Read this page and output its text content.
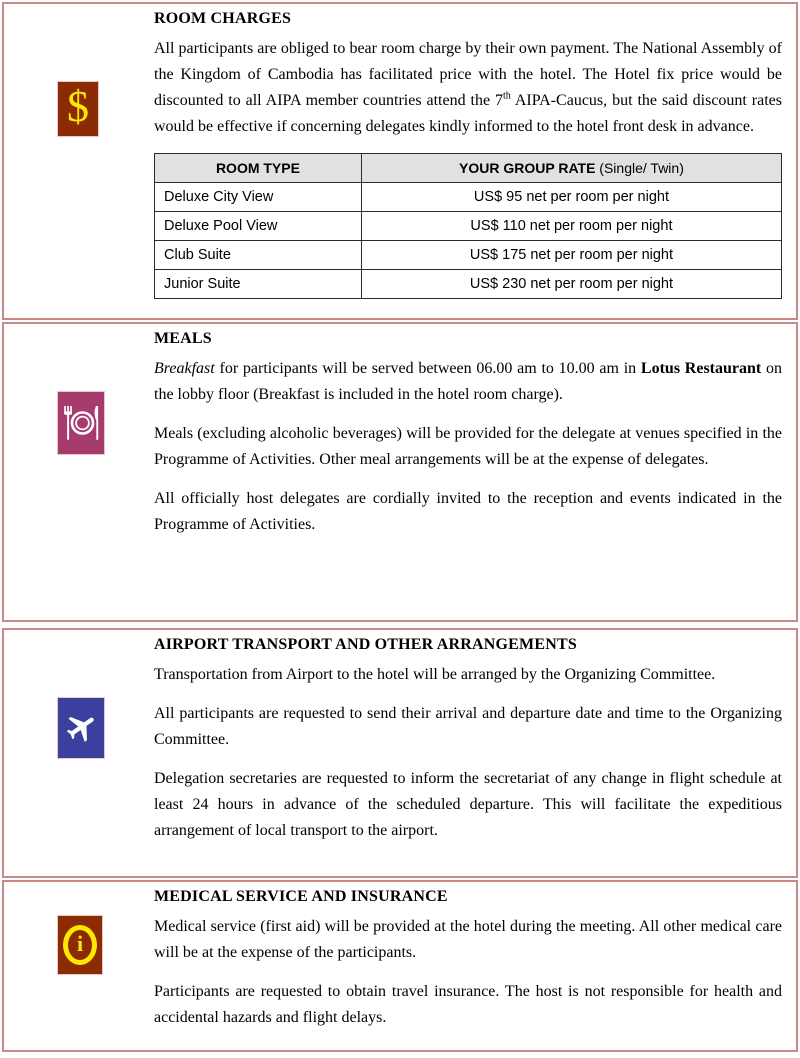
$
ROOM CHARGES

All participants are obliged to bear room charge by their own payment. The National Assembly of the Kingdom of Cambodia has facilitated price with the hotel. The Hotel fix price would be discounted to all AIPA member countries attend the 7th AIPA-Caucus, but the said discount rates would be effective if concerning delegates kindly informed to the hotel front desk in advance.

ROOM TYPE	YOUR GROUP RATE (Single/ Twin)
Deluxe City View	US$ 95 net per room per night
Deluxe Pool View	US$ 110 net per room per night
Club Suite	US$ 175 net per room per night
Junior Suite	US$ 230 net per room per night
MEALS

Breakfast for participants will be served between 06.00 am to 10.00 am in Lotus Restaurant on the lobby floor (Breakfast is included in the hotel room charge).

Meals (excluding alcoholic beverages) will be provided for the delegate at venues specified in the Programme of Activities. Other meal arrangements will be at the expense of delegates.

All officially host delegates are cordially invited to the reception and events indicated in the Programme of Activities.

AIRPORT TRANSPORT AND OTHER ARRANGEMENTS

Transportation from Airport to the hotel will be arranged by the Organizing Committee.

All participants are requested to send their arrival and departure date and time to the Organizing Committee.

Delegation secretaries are requested to inform the secretariat of any change in flight schedule at least 24 hours in advance of the scheduled departure. This will facilitate the expeditious arrangement of local transport to the airport.

i
MEDICAL SERVICE AND INSURANCE

Medical service (first aid) will be provided at the hotel during the meeting. All other medical care will be at the expense of the participants.

Participants are requested to obtain travel insurance. The host is not responsible for health and accidental hazards and flight delays.
